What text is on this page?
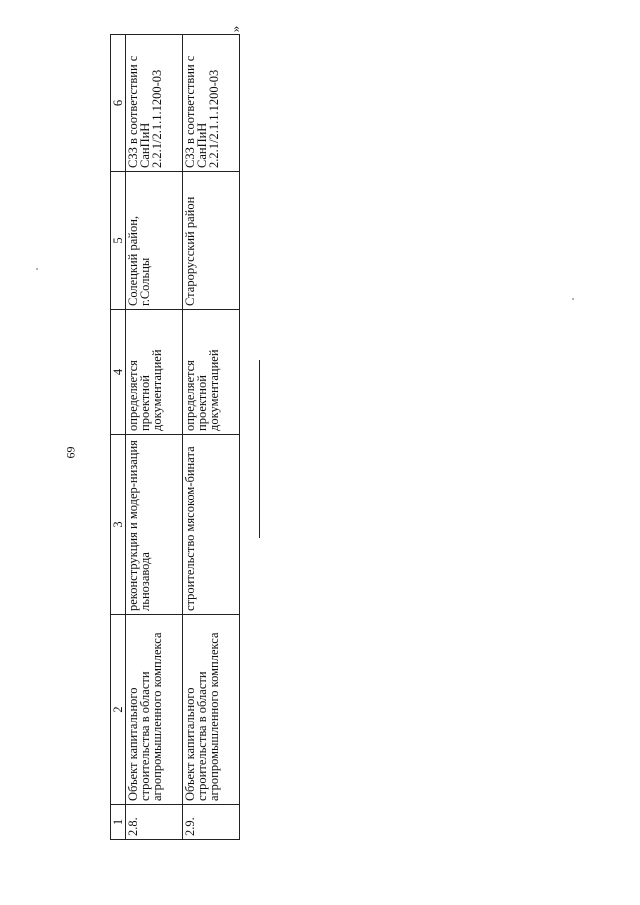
69
1	2	3	4	5	6
2.8.	Объект капитального строительства в области агропромышленного комплекса	реконструкция и модер-низация льнозавода	определяется проектной документацией	Солецкий район, г.Сольцы	СЗЗ в соответствии с СанПиН 2.2.1/2.1.1.1200-03
2.9.	Объект капитального строительства в области агропромышленного комплекса	строительство мясоком-бината	определяется проектной документацией	Старорусский район	СЗЗ в соответствии с СанПиН 2.2.1/2.1.1.1200-03
»
